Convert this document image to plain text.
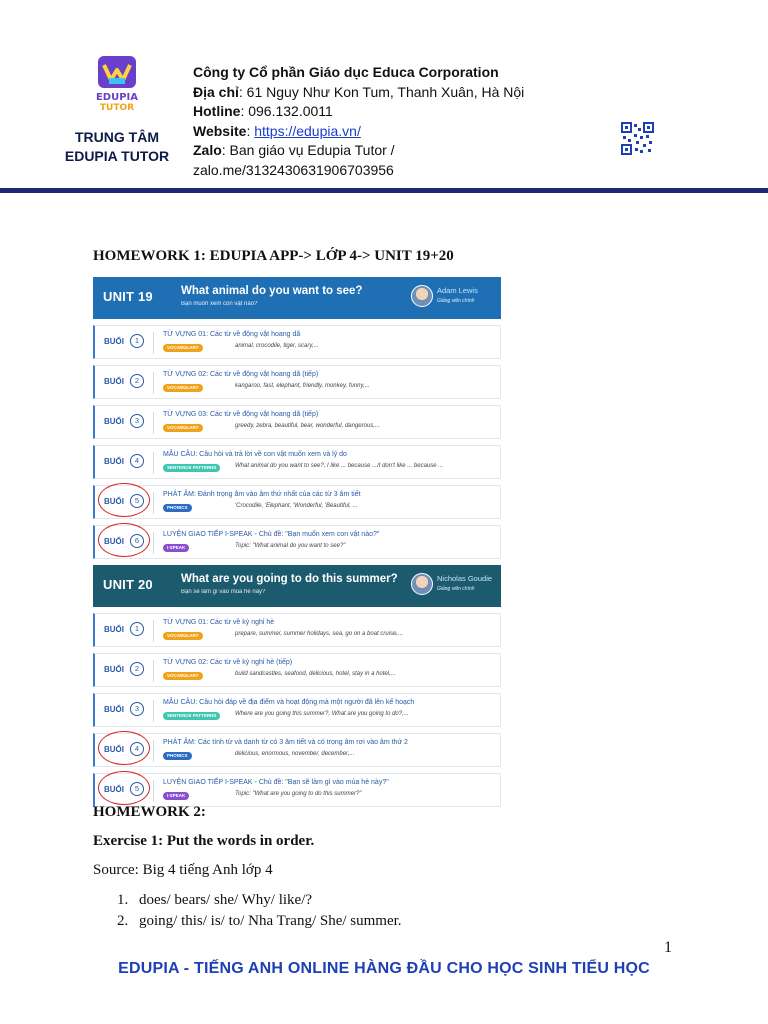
EDUPIA
TUTOR
TRUNG TÂM
EDUPIA TUTOR
Công ty Cổ phần Giáo dục Educa Corporation
Địa chỉ: 61 Nguy Như Kon Tum, Thanh Xuân, Hà Nội
Hotline: 096.132.0011
Website: https://edupia.vn/
Zalo: Ban giáo vụ Edupia Tutor /
zalo.me/3132430631906703956
HOMEWORK 1: EDUPIA APP-> LỚP 4-> UNIT 19+20
UNIT 19 What animal do you want to see?
Bạn muốn xem con vật nào?
Adam Lewis
Giảng viên chính
BUỔI	1
TỪ VỰNG 01: Các từ về động vật hoang dã
VOCABULARY	animal, crocodile, tiger, scary,...
BUỔI	2
TỪ VỰNG 02: Các từ về động vật hoang dã (tiếp)
VOCABULARY	kangaroo, fast, elephant, friendly, monkey, funny,...
BUỔI	3
TỪ VỰNG 03: Các từ về động vật hoang dã (tiếp)
VOCABULARY	greedy, zebra, beautiful, bear, wonderful, dangerous,...
BUỔI	4
MẪU CÂU: Câu hỏi và trả lời về con vật muốn xem và lý do
SENTENCE PATTERNS	What animal do you want to see?, I like ... because .../I don't like ... because ...
BUỔI	5
PHÁT ÂM: Đánh trọng âm vào âm thứ nhất của các từ 3 âm tiết
PHONICS	'Crocodile, 'Elephant, 'Wonderful, 'Beautiful, ...
BUỔI	6
LUYỆN GIAO TIẾP I-SPEAK - Chủ đề: "Bạn muốn xem con vật nào?"
I-SPEAK	Topic: "What animal do you want to see?"
UNIT 20 What are you going to do this summer?
Bạn sẽ làm gì vào mùa hè này?
Nicholas Goudie
Giảng viên chính
BUỔI	1
TỪ VỰNG 01: Các từ về kỳ nghỉ hè
VOCABULARY	prepare, summer, summer holidays, sea, go on a boat cruise,...
BUỔI	2
TỪ VỰNG 02: Các từ về kỳ nghỉ hè (tiếp)
VOCABULARY	build sandcastles, seafood, delicious, hotel, stay in a hotel,...
BUỔI	3
MẪU CÂU: Câu hỏi đáp về địa điểm và hoạt động mà một người đã lên kế hoạch
SENTENCE PATTERNS	Where are you going this summer?, What are you going to do?,...
BUỔI	4
PHÁT ÂM: Các tính từ và danh từ có 3 âm tiết và có trọng âm rơi vào âm thứ 2
PHONICS	delicious, enormous, november, december,...
BUỔI	5
LUYỆN GIAO TIẾP I-SPEAK - Chủ đề: "Bạn sẽ làm gì vào mùa hè này?"
I-SPEAK	Topic: "What are you going to do this summer?"
HOMEWORK 2:
Exercise 1: Put the words in order.
Source: Big 4 tiếng Anh lớp 4
1. does/ bears/ she/ Why/ like/?
2. going/ this/ is/ to/ Nha Trang/ She/ summer.
1
EDUPIA - TIẾNG ANH ONLINE HÀNG ĐẦU CHO HỌC SINH TIỂU HỌC
